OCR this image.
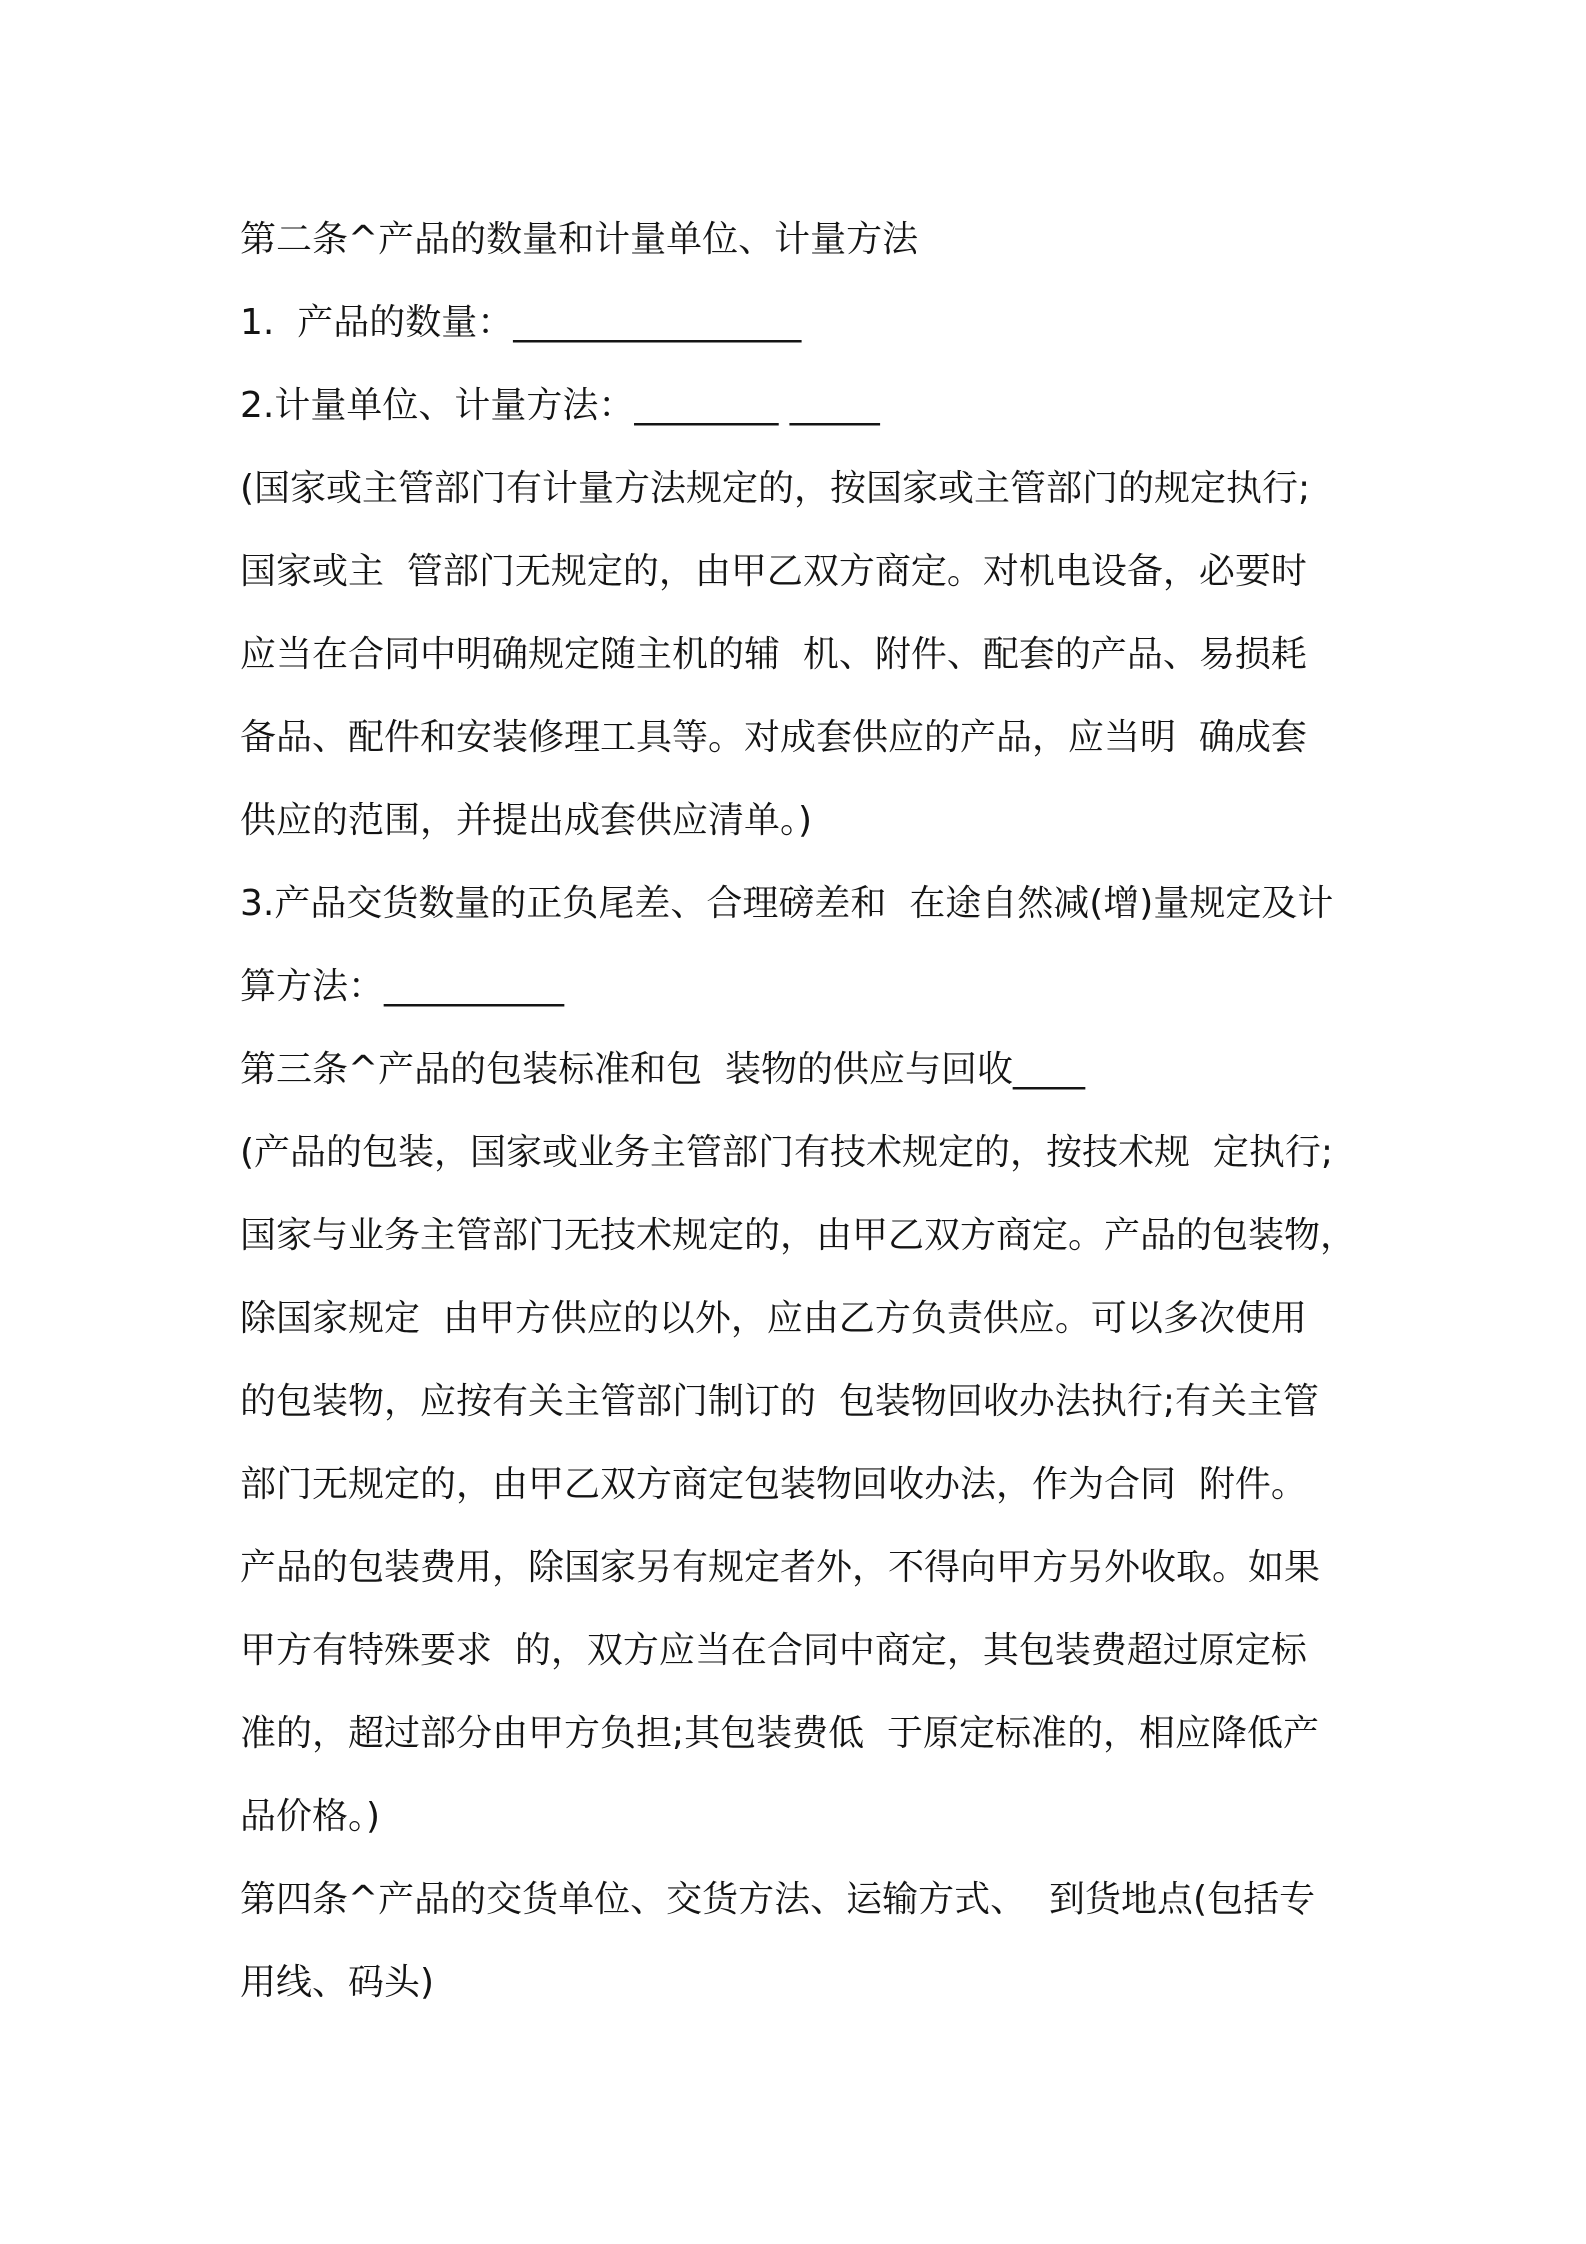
第二条^产品的数量和计量单位、计量方法
1.  产品的数量：________________
2.计量单位、计量方法：________ _____
(国家或主管部门有计量方法规定的，按国家或主管部门的规定执行;
国家或主  管部门无规定的，由甲乙双方商定。对机电设备，必要时
应当在合同中明确规定随主机的辅  机、附件、配套的产品、易损耗
备品、配件和安装修理工具等。对成套供应的产品，应当明  确成套
供应的范围，并提出成套供应清单。)
3.产品交货数量的正负尾差、合理磅差和  在途自然减(增)量规定及计
算方法：__________
第三条^产品的包装标准和包  装物的供应与回收____
(产品的包装，国家或业务主管部门有技术规定的，按技术规  定执行;
国家与业务主管部门无技术规定的，由甲乙双方商定。产品的包装物，
除国家规定  由甲方供应的以外，应由乙方负责供应。可以多次使用
的包装物，应按有关主管部门制订的  包装物回收办法执行;有关主管
部门无规定的，由甲乙双方商定包装物回收办法，作为合同  附件。
产品的包装费用，除国家另有规定者外，不得向甲方另外收取。如果
甲方有特殊要求  的，双方应当在合同中商定，其包装费超过原定标
准的，超过部分由甲方负担;其包装费低  于原定标准的，相应降低产
品价格。)
第四条^产品的交货单位、交货方法、运输方式、  到货地点(包括专
用线、码头)
